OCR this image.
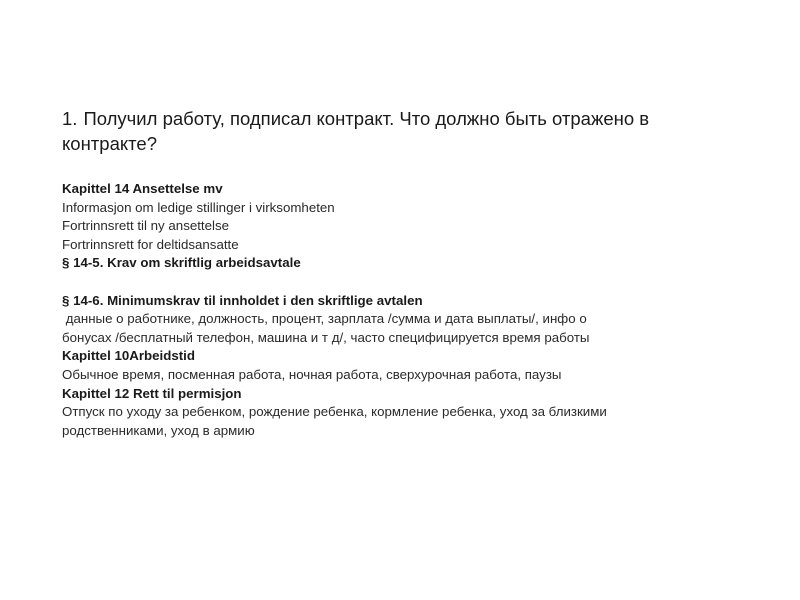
1. Получил работу, подписал контракт. Что должно быть отражено в контракте?
Kapittel 14 Ansettelse mv
Informasjon om ledige stillinger i virksomheten
Fortrinnsrett til ny ansettelse
Fortrinnsrett for deltidsansatte
§ 14-5. Krav om skriftlig arbeidsavtale
§ 14-6. Minimumskrav til innholdet i den skriftlige avtalen
данные о работнике, должность, процент, зарплата /сумма и дата выплаты/, инфо о
бонусах /бесплатный телефон, машина и т д/, часто специфицируется время работы
Kapittel 10Arbeidstid
Обычное время, посменная работа, ночная работа, сверхурочная работа, паузы
Kapittel 12 Rett til permisjon
Отпуск по уходу за ребенком, рождение ребенка, кормление ребенка, уход за близкими
родственниками, уход в армию
